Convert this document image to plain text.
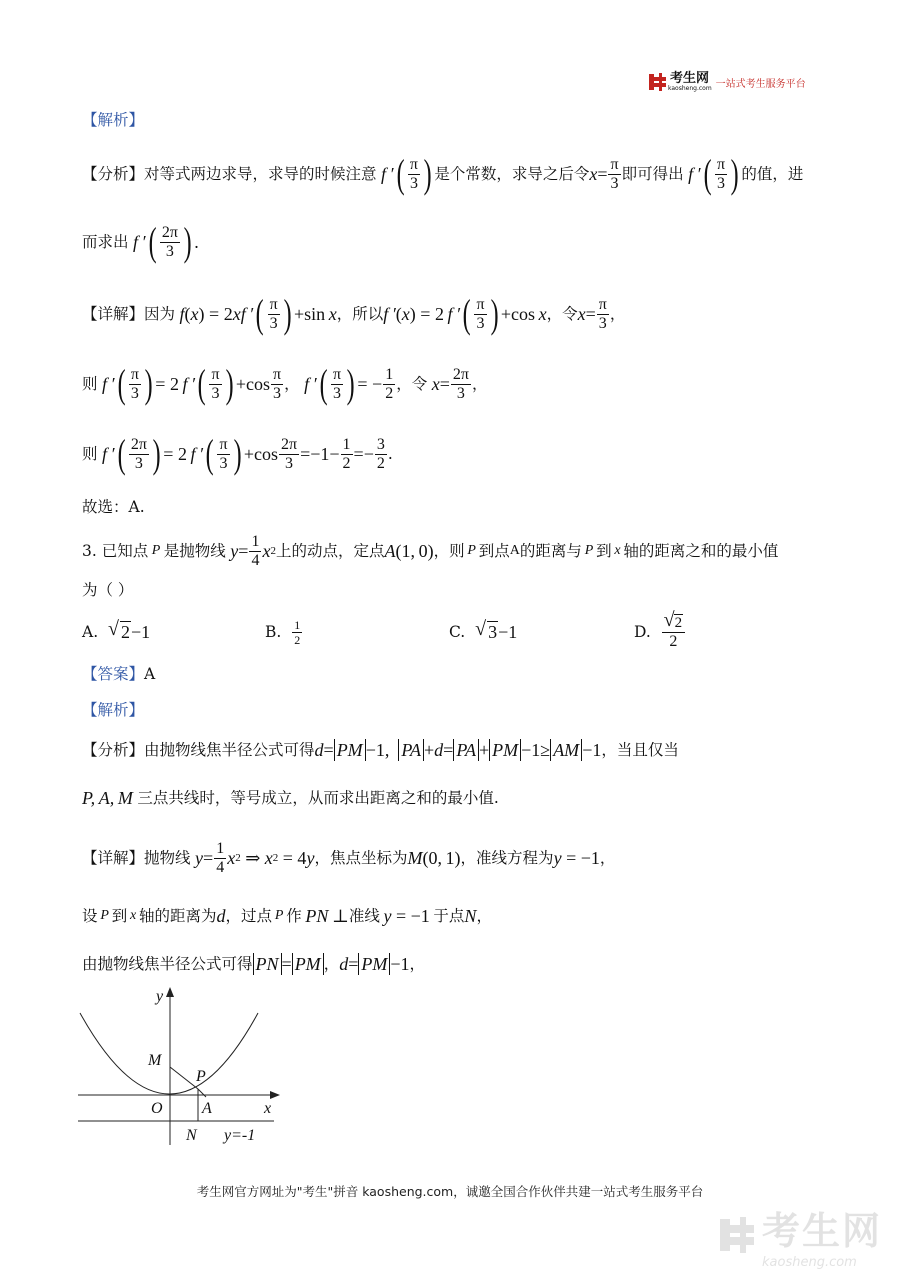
考生网
kaosheng.com 一站式考生服务平台
【解析】
【分析】 对等式两边求导，求导的时候注意 f ′ ( $\frac{\pi}{3}$ ) 是个常数，求导之后令 $x = \frac{\pi}{3}$ 即可得出 f ′ ( $\frac{\pi}{3}$ ) 的值，进
而求出 f ′ ( $\frac{2\pi}{3}$ ) .
【详解】 因为 f ( x ) = 2 xf ′ ( $\frac{\pi}{3}$ ) +sin  x ，所以 f ′ ( x ) = 2  f ′ ( $\frac{\pi}{3}$ ) +cos  x ，令 $x = \frac{\pi}{3}$ ，
则 f ′ ( $\frac{\pi}{3}$ ) = 2  f ′ ( $\frac{\pi}{3}$ ) $+\cos \frac{\pi}{3}$ ， f ′ ( $\frac{\pi}{3}$ ) = − $\frac{1}{2}$ ，令 $x = \frac{2\pi}{3}$ ，
则 f ′ ( $\frac{2\pi}{3}$ ) = 2  f ′ ( $\frac{\pi}{3}$ ) $+\cos \frac{2\pi}{3} =-1- \frac{1}{2} =- \frac{3}{2}$ .
故选：A.
3. 已知点 P 是抛物线 $y = \frac{1}{4}$ x 2 上的动点，定点 A (1, 0) ，则  P  到点 A 的距离与  P  到  x  轴的距离之和的最小值
为（ ）
A.
	√ 2 −1	B.
$\frac{1}{2}$	C.
	√ 3 −1	D.
√ $\frac{2}{2}$
【答案】A
【解析】
【分析】 由抛物线焦半径公式可得 d = PM −1, PA + d = PA + PM −1≥ AM −1 ，当且仅当
P, A, M 三点共线时，等号成立，从而求出距离之和的最小值.
【详解】 抛物线 $y = \frac{1}{4}$ x 2 ⇒ x 2 = 4 y ，焦点坐标为 M (0, 1) ，准线方程为 y = −1 ，
设  P  到  x  轴的距离为 d ，过点  P  作  PN  ⊥ 准线  y = −1  于点 N ，
由抛物线焦半径公式可得 PN = PM ， d = PM −1 ，
y
x
M
P
O A
N y=-1
考生网官方网址为"考生"拼音 kaosheng.com，诚邀全国合作伙伴共建一站式考生服务平台
考生网
kaosheng.com
